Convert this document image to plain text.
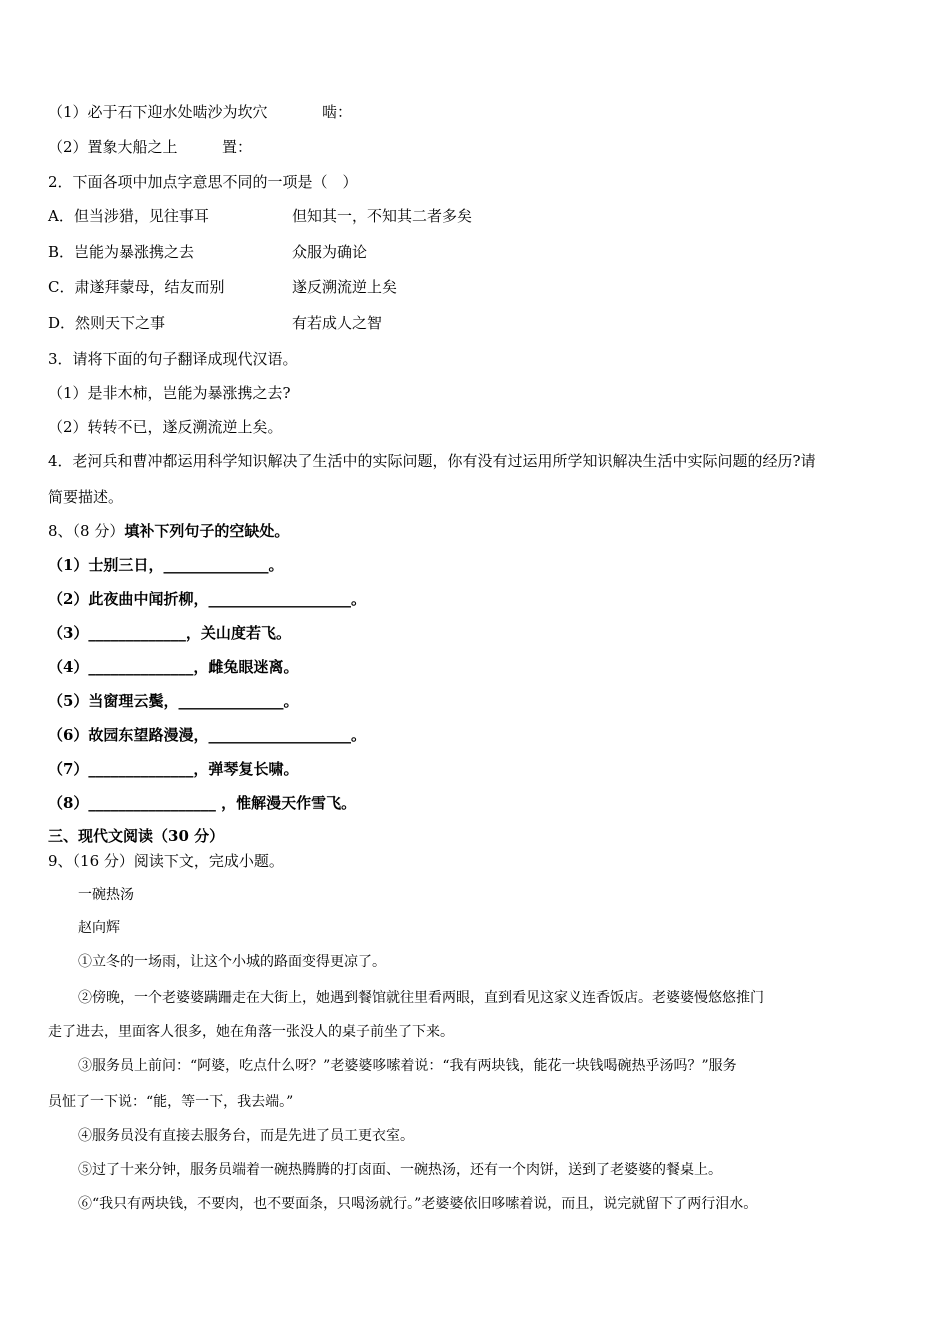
（1）必于石下迎水处啮沙为坎穴	啮：
（2）置象大船之上	置：
2．下面各项中加点字意思不同的一项是（　）
A．但当涉猎，见往事耳	但知其一，不知其二者多矣
B．岂能为暴涨携之去	众服为确论
C．肃遂拜蒙母，结友而别	遂反溯流逆上矣
D．然则天下之事	有若成人之智
3．请将下面的句子翻译成现代汉语。
（1）是非木柿，岂能为暴涨携之去?
（2）转转不已，遂反溯流逆上矣。
4．老河兵和曹冲都运用科学知识解决了生活中的实际问题，你有没有过运用所学知识解决生活中实际问题的经历?请
简要描述。
8、（8 分）填补下列句子的空缺处。
（1）士别三日，______________。
（2）此夜曲中闻折柳，___________________。
（3）_____________，关山度若飞。
（4）______________，雌兔眼迷离。
（5）当窗理云鬓，______________。
（6）故园东望路漫漫，___________________。
（7）______________，弹琴复长啸。
（8）_________________ ，惟解漫天作雪飞。
三、现代文阅读（30 分）
9、（16 分）阅读下文，完成小题。
一碗热汤
赵向辉
①立冬的一场雨，让这个小城的路面变得更凉了。
②傍晚，一个老婆婆蹒跚走在大街上，她遇到餐馆就往里看两眼，直到看见这家义连香饭店。老婆婆慢悠悠推门
走了进去，里面客人很多，她在角落一张没人的桌子前坐了下来。
③服务员上前问：“阿婆，吃点什么呀？”老婆婆哆嗦着说：“我有两块钱，能花一块钱喝碗热乎汤吗？”服务
员怔了一下说：“能，等一下，我去端。”
④服务员没有直接去服务台，而是先进了员工更衣室。
⑤过了十来分钟，服务员端着一碗热腾腾的打卤面、一碗热汤，还有一个肉饼，送到了老婆婆的餐桌上。
⑥“我只有两块钱，不要肉，也不要面条，只喝汤就行。”老婆婆依旧哆嗦着说，而且，说完就留下了两行泪水。
